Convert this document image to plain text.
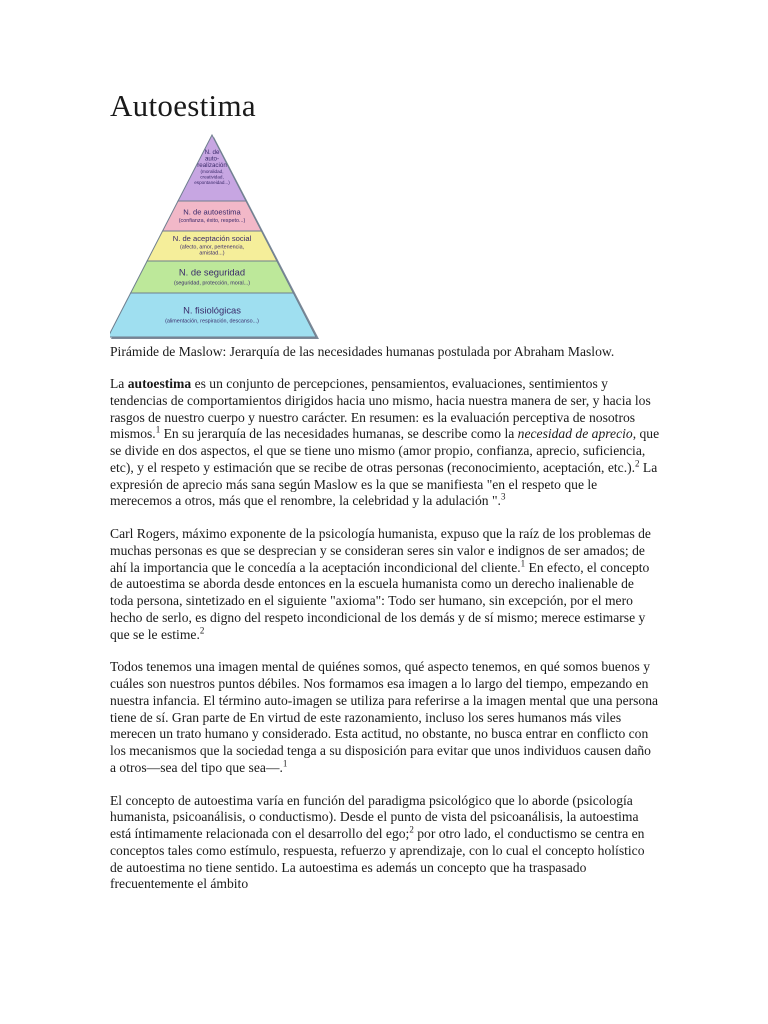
Autoestima
N. de
auto-
realización
(moralidad,
creatividad,
espontaneidad...)
N. de autoestima
(confianza, éxito, respeto...)
N. de aceptación social
(afecto, amor, pertenencia,
amistad...)
N. de seguridad
(seguridad, protección, moral...)
N. fisiológicas
(alimentación, respiración, descanso...)

Pirámide de Maslow: Jerarquía de las necesidades humanas postulada por Abraham Maslow.

La autoestima es un conjunto de percepciones, pensamientos, evaluaciones, sentimientos y tendencias de comportamientos dirigidos hacia uno mismo, hacia nuestra manera de ser, y hacia los rasgos de nuestro cuerpo y nuestro carácter. En resumen: es la evaluación perceptiva de nosotros mismos.$^1$ En su jerarquía de las necesidades humanas, se describe como la necesidad de aprecio, que se divide en dos aspectos, el que se tiene uno mismo (amor propio, confianza, aprecio, suficiencia, etc), y el respeto y estimación que se recibe de otras personas (reconocimiento, aceptación, etc.).$^2$ La expresión de aprecio más sana según Maslow es la que se manifiesta "en el respeto que le merecemos a otros, más que el renombre, la celebridad y la adulación ".$^3$

Carl Rogers, máximo exponente de la psicología humanista, expuso que la raíz de los problemas de muchas personas es que se desprecian y se consideran seres sin valor e indignos de ser amados; de ahí la importancia que le concedía a la aceptación incondicional del cliente.$^1$ En efecto, el concepto de autoestima se aborda desde entonces en la escuela humanista como un derecho inalienable de toda persona, sintetizado en el siguiente "axioma": Todo ser humano, sin excepción, por el mero hecho de serlo, es digno del respeto incondicional de los demás y de sí mismo; merece estimarse y que se le estime.$^2$

Todos tenemos una imagen mental de quiénes somos, qué aspecto tenemos, en qué somos buenos y cuáles son nuestros puntos débiles. Nos formamos esa imagen a lo largo del tiempo, empezando en nuestra infancia. El término auto-imagen se utiliza para referirse a la imagen mental que una persona tiene de sí. Gran parte de En virtud de este razonamiento, incluso los seres humanos más viles merecen un trato humano y considerado. Esta actitud, no obstante, no busca entrar en conflicto con los mecanismos que la sociedad tenga a su disposición para evitar que unos individuos causen daño a otros—sea del tipo que sea—.$^1$

El concepto de autoestima varía en función del paradigma psicológico que lo aborde (psicología humanista, psicoanálisis, o conductismo). Desde el punto de vista del psicoanálisis, la autoestima está íntimamente relacionada con el desarrollo del ego;$^2$ por otro lado, el conductismo se centra en conceptos tales como estímulo, respuesta, refuerzo y aprendizaje, con lo cual el concepto holístico de autoestima no tiene sentido. La autoestima es además un concepto que ha traspasado frecuentemente el ámbito
